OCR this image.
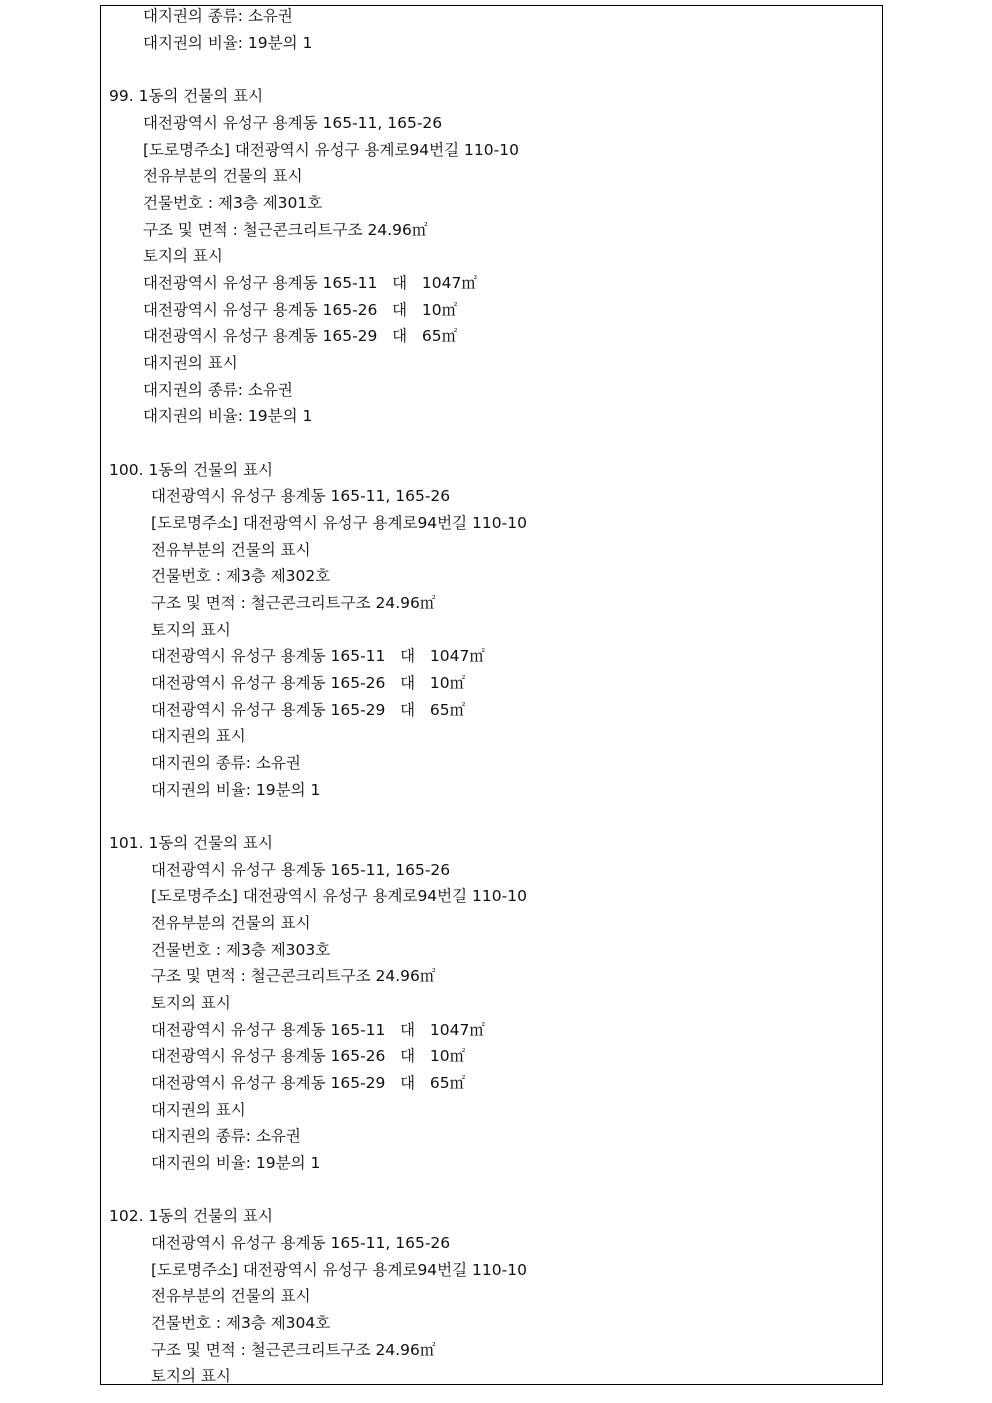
대지권의 종류: 소유권
대지권의 비율: 19분의 1
99. 1동의 건물의 표시
대전광역시 유성구 용계동 165-11, 165-26
[도로명주소] 대전광역시 유성구 용계로94번길 110-10
전유부분의 건물의 표시
건물번호 : 제3층 제301호
구조 및 면적 : 철근콘크리트구조 24.96㎡
토지의 표시
대전광역시 유성구 용계동 165-11   대   1047㎡
대전광역시 유성구 용계동 165-26   대   10㎡
대전광역시 유성구 용계동 165-29   대   65㎡
대지권의 표시
대지권의 종류: 소유권
대지권의 비율: 19분의 1
100. 1동의 건물의 표시
대전광역시 유성구 용계동 165-11, 165-26
[도로명주소] 대전광역시 유성구 용계로94번길 110-10
전유부분의 건물의 표시
건물번호 : 제3층 제302호
구조 및 면적 : 철근콘크리트구조 24.96㎡
토지의 표시
대전광역시 유성구 용계동 165-11   대   1047㎡
대전광역시 유성구 용계동 165-26   대   10㎡
대전광역시 유성구 용계동 165-29   대   65㎡
대지권의 표시
대지권의 종류: 소유권
대지권의 비율: 19분의 1
101. 1동의 건물의 표시
대전광역시 유성구 용계동 165-11, 165-26
[도로명주소] 대전광역시 유성구 용계로94번길 110-10
전유부분의 건물의 표시
건물번호 : 제3층 제303호
구조 및 면적 : 철근콘크리트구조 24.96㎡
토지의 표시
대전광역시 유성구 용계동 165-11   대   1047㎡
대전광역시 유성구 용계동 165-26   대   10㎡
대전광역시 유성구 용계동 165-29   대   65㎡
대지권의 표시
대지권의 종류: 소유권
대지권의 비율: 19분의 1
102. 1동의 건물의 표시
대전광역시 유성구 용계동 165-11, 165-26
[도로명주소] 대전광역시 유성구 용계로94번길 110-10
전유부분의 건물의 표시
건물번호 : 제3층 제304호
구조 및 면적 : 철근콘크리트구조 24.96㎡
토지의 표시
